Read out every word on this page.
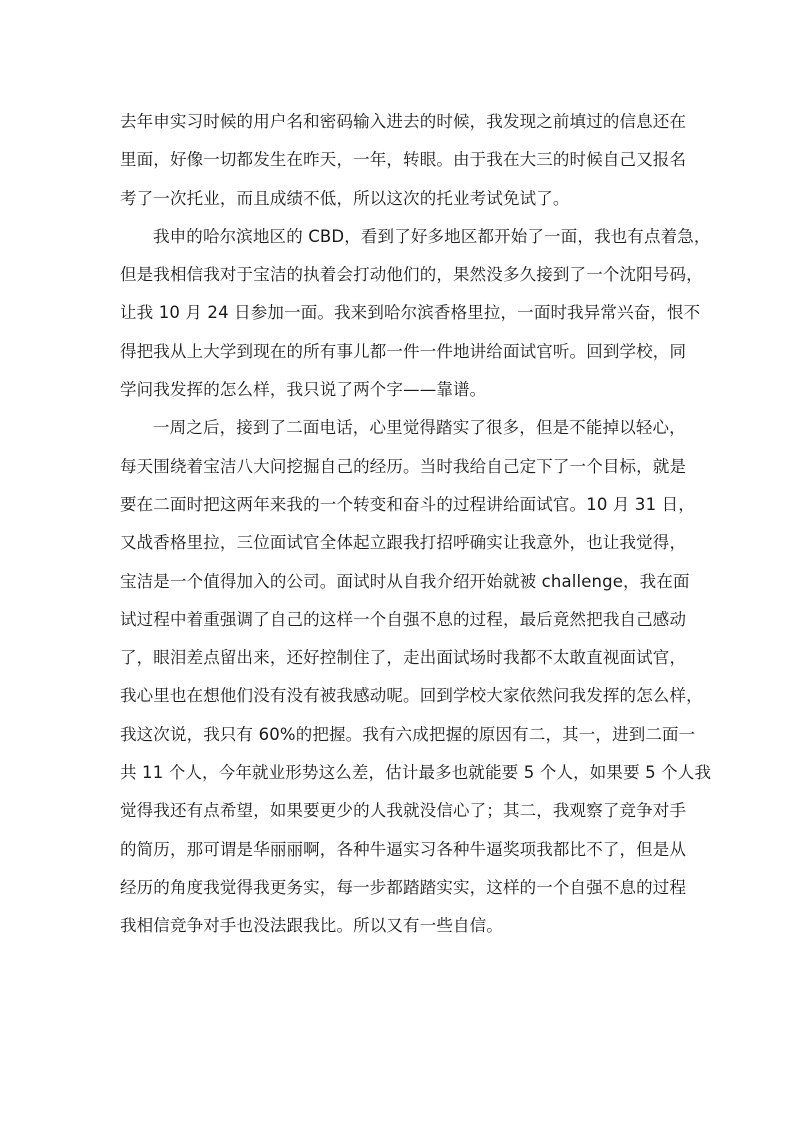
去年申实习时候的用户名和密码输入进去的时候，我发现之前填过的信息还在
里面，好像一切都发生在昨天，一年，转眼。由于我在大三的时候自己又报名
考了一次托业，而且成绩不低，所以这次的托业考试免试了。

我申的哈尔滨地区的 CBD，看到了好多地区都开始了一面，我也有点着急，
但是我相信我对于宝洁的执着会打动他们的，果然没多久接到了一个沈阳号码，
让我 10 月 24 日参加一面。我来到哈尔滨香格里拉，一面时我异常兴奋，恨不
得把我从上大学到现在的所有事儿都一件一件地讲给面试官听。回到学校，同
学问我发挥的怎么样，我只说了两个字——靠谱。

一周之后，接到了二面电话，心里觉得踏实了很多，但是不能掉以轻心，
每天围绕着宝洁八大问挖掘自己的经历。当时我给自己定下了一个目标，就是
要在二面时把这两年来我的一个转变和奋斗的过程讲给面试官。10 月 31 日，
又战香格里拉，三位面试官全体起立跟我打招呼确实让我意外，也让我觉得，
宝洁是一个值得加入的公司。面试时从自我介绍开始就被 challenge，我在面
试过程中着重强调了自己的这样一个自强不息的过程，最后竟然把我自己感动
了，眼泪差点留出来，还好控制住了，走出面试场时我都不太敢直视面试官，
我心里也在想他们没有没有被我感动呢。回到学校大家依然问我发挥的怎么样，
我这次说，我只有 60%的把握。我有六成把握的原因有二，其一，进到二面一
共 11 个人，今年就业形势这么差，估计最多也就能要 5 个人，如果要 5 个人我
觉得我还有点希望，如果要更少的人我就没信心了；其二，我观察了竞争对手
的简历，那可谓是华丽丽啊，各种牛逼实习各种牛逼奖项我都比不了，但是从
经历的角度我觉得我更务实，每一步都踏踏实实，这样的一个自强不息的过程
我相信竞争对手也没法跟我比。所以又有一些自信。
